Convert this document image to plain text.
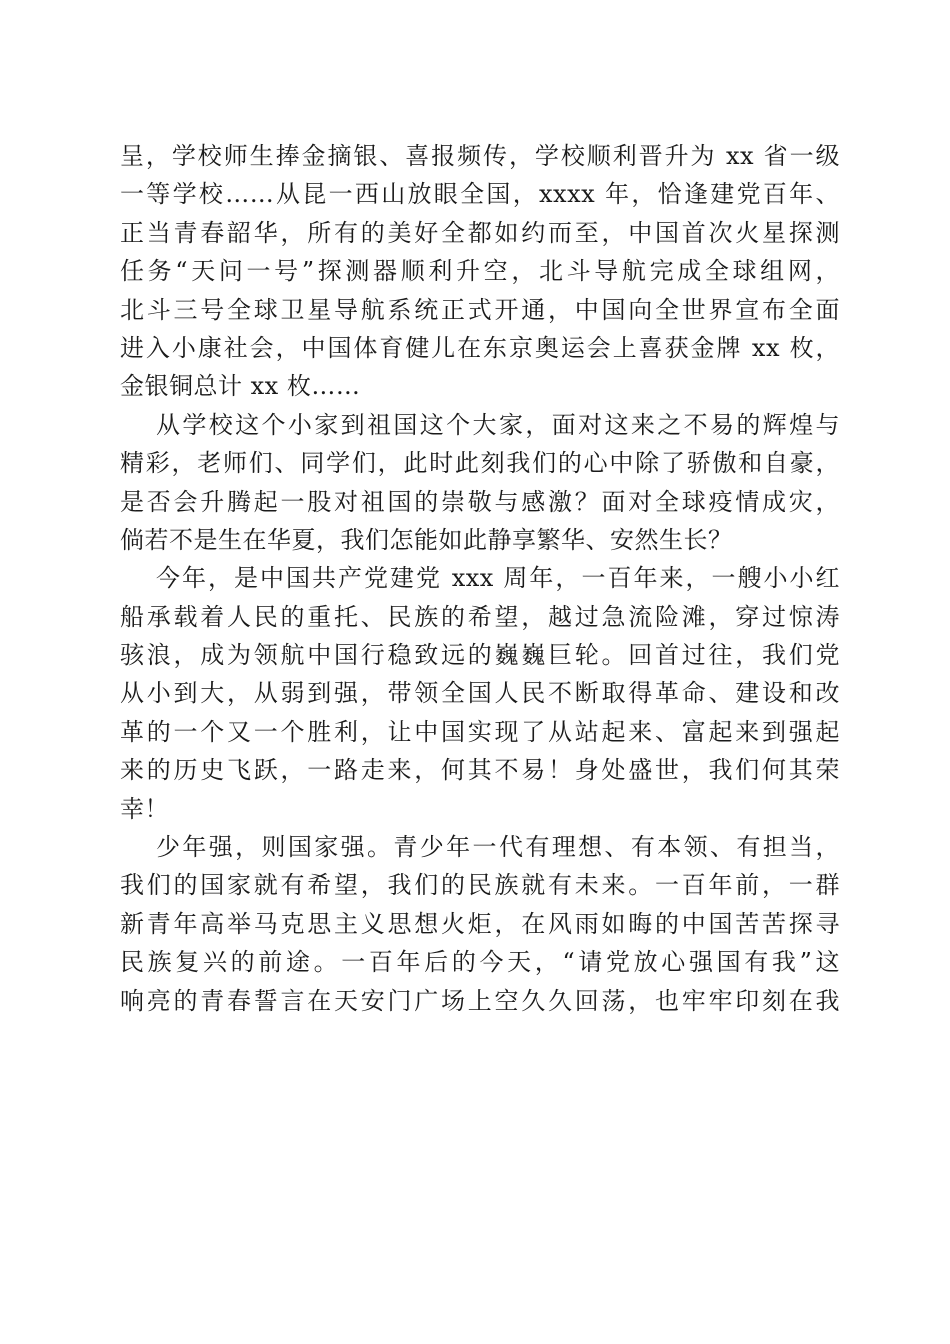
呈，学校师生捧金摘银、喜报频传，学校顺利晋升为 xx 省一级
一等学校……从昆一西山放眼全国，xxxx 年，恰逢建党百年、
正当青春韶华，所有的美好全都如约而至，中国首次火星探测
任务“天问一号”探测器顺利升空，北斗导航完成全球组网，
北斗三号全球卫星导航系统正式开通，中国向全世界宣布全面
进入小康社会，中国体育健儿在东京奥运会上喜获金牌 xx 枚，
金银铜总计 xx 枚……
从学校这个小家到祖国这个大家，面对这来之不易的辉煌与
精彩，老师们、同学们，此时此刻我们的心中除了骄傲和自豪，
是否会升腾起一股对祖国的崇敬与感激？面对全球疫情成灾，
倘若不是生在华夏，我们怎能如此静享繁华、安然生长？
今年，是中国共产党建党 xxx 周年，一百年来，一艘小小红
船承载着人民的重托、民族的希望，越过急流险滩，穿过惊涛
骇浪，成为领航中国行稳致远的巍巍巨轮。回首过往，我们党
从小到大，从弱到强，带领全国人民不断取得革命、建设和改
革的一个又一个胜利，让中国实现了从站起来、富起来到强起
来的历史飞跃，一路走来，何其不易！身处盛世，我们何其荣
幸！
少年强，则国家强。青少年一代有理想、有本领、有担当，
我们的国家就有希望，我们的民族就有未来。一百年前，一群
新青年高举马克思主义思想火炬，在风雨如晦的中国苦苦探寻
民族复兴的前途。一百年后的今天，“请党放心强国有我”这
响亮的青春誓言在天安门广场上空久久回荡，也牢牢印刻在我
